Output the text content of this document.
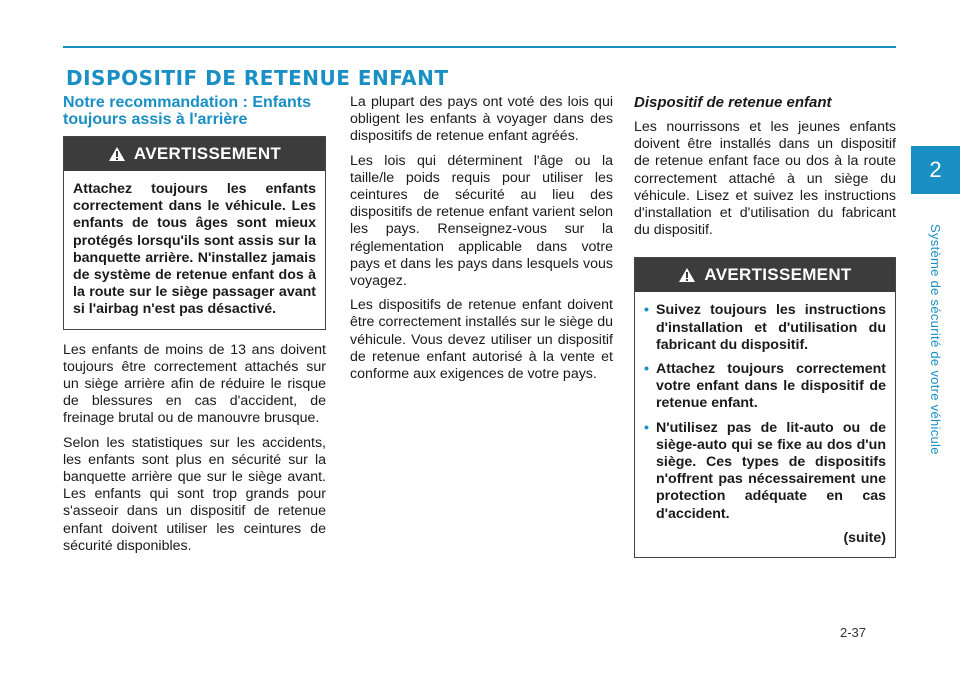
DISPOSITIF DE RETENUE ENFANT
2
Système de sécurité de votre véhicule
Notre recommandation : Enfants toujours assis à l'arrière
AVERTISSEMENT

Attachez toujours les enfants correctement dans le véhicule. Les enfants de tous âges sont mieux protégés lorsqu'ils sont assis sur la banquette arrière. N'installez jamais de système de retenue enfant dos à la route sur le siège passager avant si l'airbag n'est pas désactivé.

Les enfants de moins de 13 ans doivent toujours être correctement attachés sur un siège arrière afin de réduire le risque de blessures en cas d'accident, de freinage brutal ou de manouvre brusque.

Selon les statistiques sur les accidents, les enfants sont plus en sécurité sur la banquette arrière que sur le siège avant. Les enfants qui sont trop grands pour s'asseoir dans un dispositif de retenue enfant doivent utiliser les ceintures de sécurité disponibles.

La plupart des pays ont voté des lois qui obligent les enfants à voyager dans des dispositifs de retenue enfant agréés.

Les lois qui déterminent l'âge ou la taille/le poids requis pour utiliser les ceintures de sécurité au lieu des dispositifs de retenue enfant varient selon les pays. Renseignez-vous sur la réglementation applicable dans votre pays et dans les pays dans lesquels vous voyagez.

Les dispositifs de retenue enfant doivent être correctement installés sur le siège du véhicule. Vous devez utiliser un dispositif de retenue enfant autorisé à la vente et conforme aux exigences de votre pays.

Dispositif de retenue enfant

Les nourrissons et les jeunes enfants doivent être installés dans un dispositif de retenue enfant face ou dos à la route correctement attaché à un siège du véhicule. Lisez et suivez les instructions d'installation et d'utilisation du fabricant du dispositif.

AVERTISSEMENT
• Suivez toujours les instructions d'installation et d'utilisation du fabricant du dispositif.
• Attachez toujours correctement votre enfant dans le dispositif de retenue enfant.
• N'utilisez pas de lit-auto ou de siège-auto qui se fixe au dos d'un siège. Ces types de dispositifs n'offrent pas nécessairement une protection adéquate en cas d'accident.

(suite)

2-37
